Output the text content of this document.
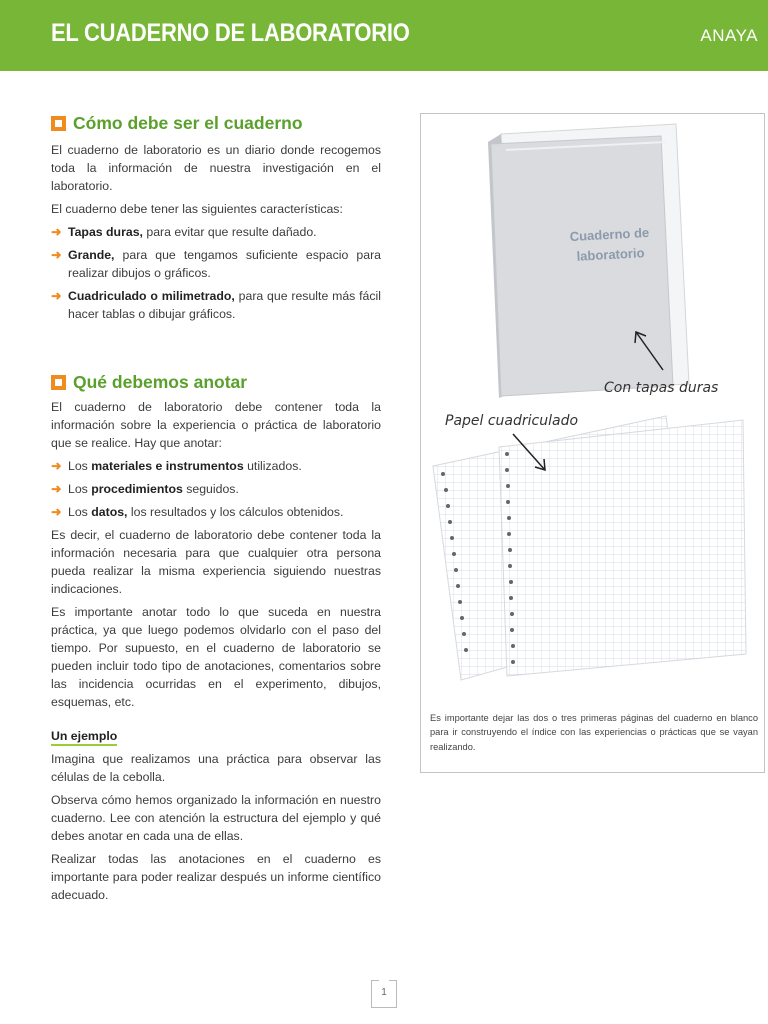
EL CUADERNO DE LABORATORIO	ANAYA
Cómo debe ser el cuaderno

El cuaderno de laboratorio es un diario donde recogemos toda la información de nuestra investigación en el laboratorio.

El cuaderno debe tener las siguientes características:

➜ Tapas duras, para evitar que resulte dañado.
➜ Grande, para que tengamos suficiente espacio para realizar dibujos o gráficos.
➜ Cuadriculado o milimetrado, para que resulte más fácil hacer tablas o dibujar gráficos.
Qué debemos anotar

El cuaderno de laboratorio debe contener toda la información sobre la experiencia o práctica de laboratorio que se realice. Hay que anotar:

➜ Los materiales e instrumentos utilizados.
➜ Los procedimientos seguidos.
➜ Los datos, los resultados y los cálculos obtenidos.

Es decir, el cuaderno de laboratorio debe contener toda la información necesaria para que cualquier otra persona pueda realizar la misma experiencia siguiendo nuestras indicaciones.

Es importante anotar todo lo que suceda en nuestra práctica, ya que luego podemos olvidarlo con el paso del tiempo. Por supuesto, en el cuaderno de laboratorio se pueden incluir todo tipo de anotaciones, comentarios sobre las incidencia ocurridas en el experimento, dibujos, esquemas, etc.

Un ejemplo

Imagina que realizamos una práctica para observar las células de la cebolla.

Observa cómo hemos organizado la información en nuestro cuaderno. Lee con atención la estructura del ejemplo y qué debes anotar en cada una de ellas.

Realizar todas las anotaciones en el cuaderno es importante para poder realizar después un informe científico adecuado.

Cuaderno de laboratorio
Con tapas duras
Papel cuadriculado
Es importante dejar las dos o tres primeras páginas del cuaderno en blanco para ir construyendo el índice con las experiencias o prácticas que se vayan realizando.
1
